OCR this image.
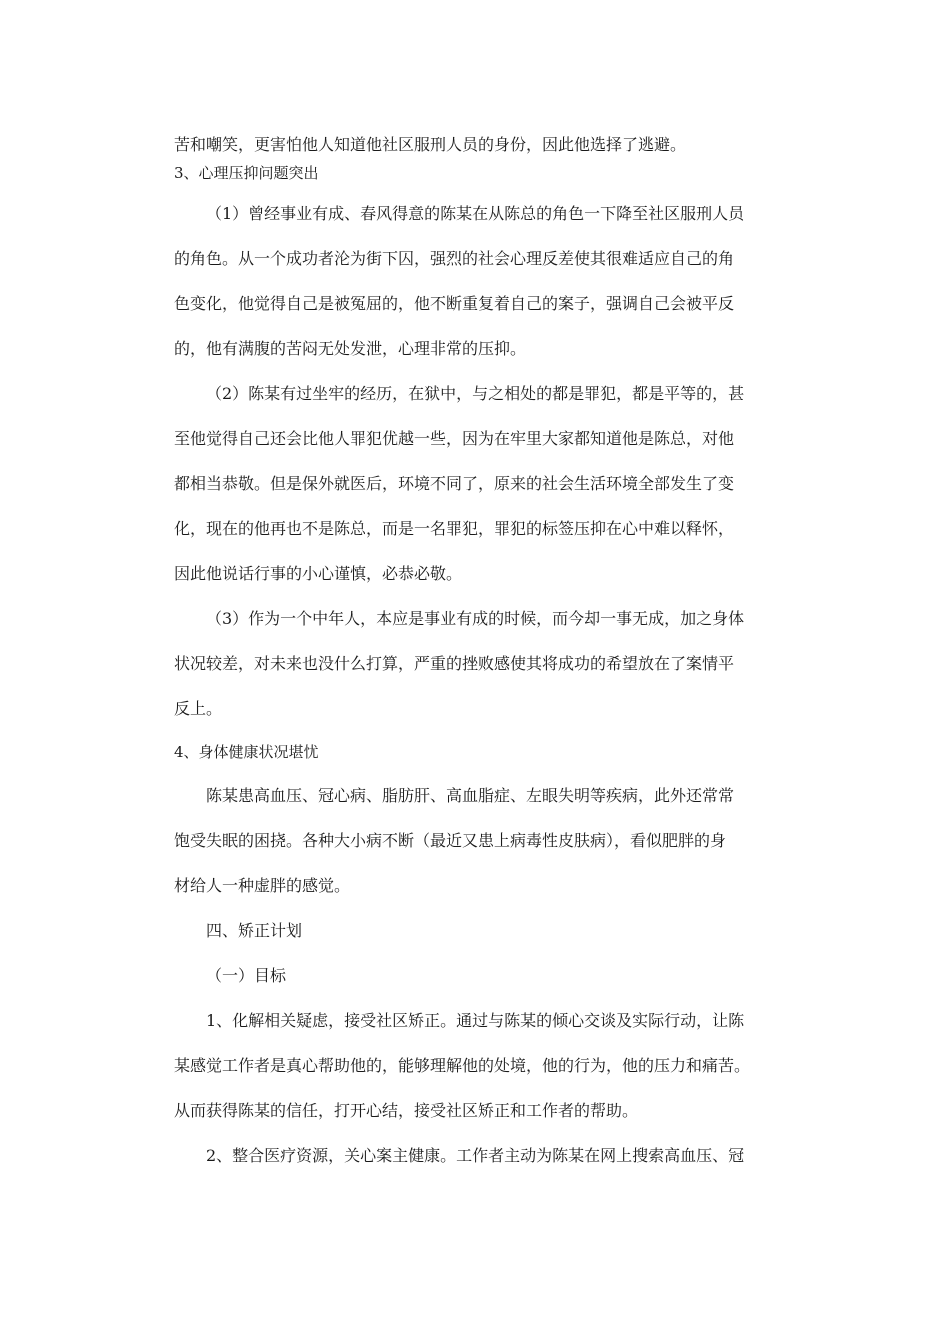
苦和嘲笑，更害怕他人知道他社区服刑人员的身份，因此他选择了逃避。
3、心理压抑问题突出
（1）曾经事业有成、春风得意的陈某在从陈总的角色一下降至社区服刑人员
的角色。从一个成功者沦为街下囚，强烈的社会心理反差使其很难适应自己的角
色变化，他觉得自己是被冤屈的，他不断重复着自己的案子，强调自己会被平反
的，他有满腹的苦闷无处发泄，心理非常的压抑。
（2）陈某有过坐牢的经历，在狱中，与之相处的都是罪犯，都是平等的，甚
至他觉得自己还会比他人罪犯优越一些，因为在牢里大家都知道他是陈总，对他
都相当恭敬。但是保外就医后，环境不同了，原来的社会生活环境全部发生了变
化，现在的他再也不是陈总，而是一名罪犯，罪犯的标签压抑在心中难以释怀，
因此他说话行事的小心谨慎，必恭必敬。
（3）作为一个中年人，本应是事业有成的时候，而今却一事无成，加之身体
状况较差，对未来也没什么打算，严重的挫败感使其将成功的希望放在了案情平
反上。
4、身体健康状况堪忧
陈某患高血压、冠心病、脂肪肝、高血脂症、左眼失明等疾病，此外还常常
饱受失眠的困挠。各种大小病不断（最近又患上病毒性皮肤病），看似肥胖的身
材给人一种虚胖的感觉。
四、矫正计划
（一）目标
1、化解相关疑虑，接受社区矫正。通过与陈某的倾心交谈及实际行动，让陈
某感觉工作者是真心帮助他的，能够理解他的处境，他的行为，他的压力和痛苦。
从而获得陈某的信任，打开心结，接受社区矫正和工作者的帮助。
2、整合医疗资源，关心案主健康。工作者主动为陈某在网上搜索高血压、冠
